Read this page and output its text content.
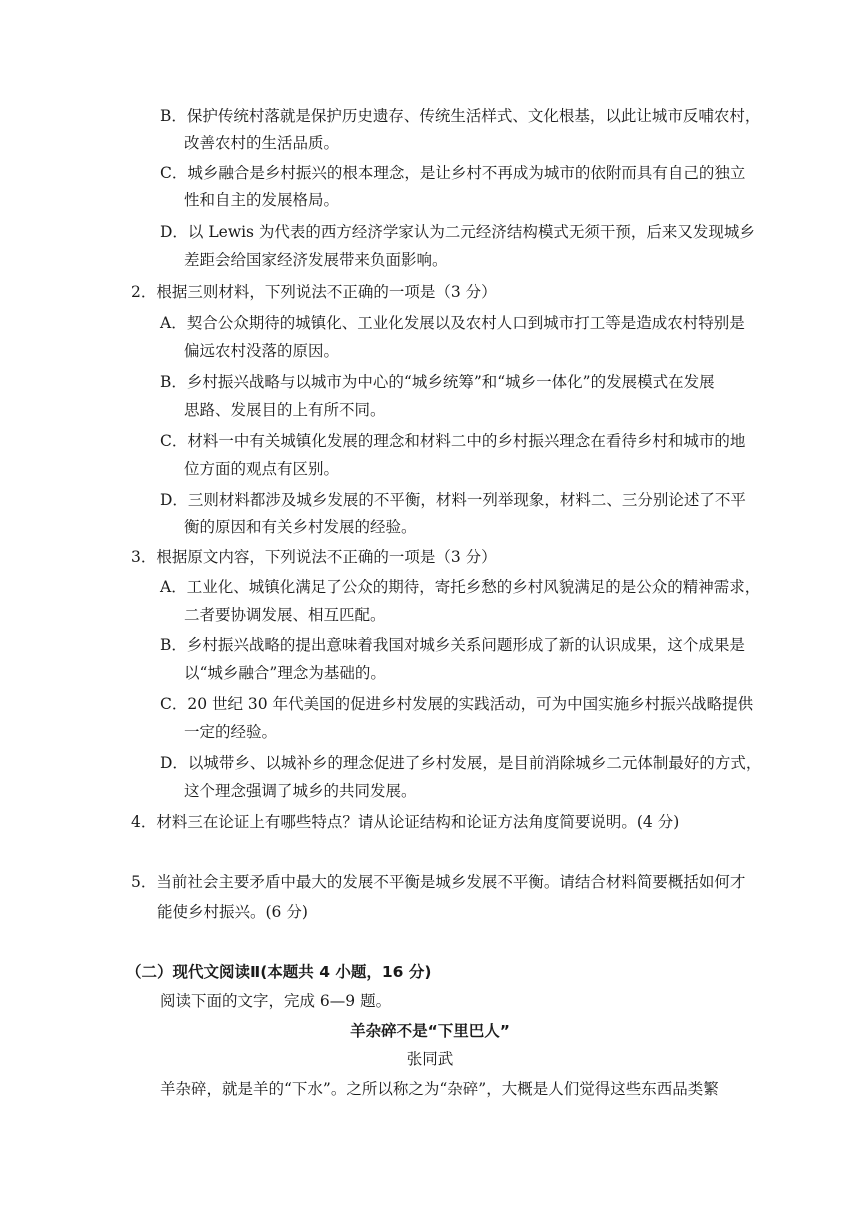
B．保护传统村落就是保护历史遗存、传统生活样式、文化根基，以此让城市反哺农村，
改善农村的生活品质。
C．城乡融合是乡村振兴的根本理念，是让乡村不再成为城市的依附而具有自己的独立
性和自主的发展格局。
D．以 Lewis 为代表的西方经济学家认为二元经济结构模式无须干预，后来又发现城乡
差距会给国家经济发展带来负面影响。
2．根据三则材料，下列说法不正确的一项是（3 分）
A．契合公众期待的城镇化、工业化发展以及农村人口到城市打工等是造成农村特别是
偏远农村没落的原因。
B．乡村振兴战略与以城市为中心的“城乡统筹”和“城乡一体化”的发展模式在发展
思路、发展目的上有所不同。
C．材料一中有关城镇化发展的理念和材料二中的乡村振兴理念在看待乡村和城市的地
位方面的观点有区别。
D．三则材料都涉及城乡发展的不平衡，材料一列举现象，材料二、三分别论述了不平
衡的原因和有关乡村发展的经验。
3．根据原文内容，下列说法不正确的一项是（3 分）
A．工业化、城镇化满足了公众的期待，寄托乡愁的乡村风貌满足的是公众的精神需求，
二者要协调发展、相互匹配。
B．乡村振兴战略的提出意味着我国对城乡关系问题形成了新的认识成果，这个成果是
以“城乡融合”理念为基础的。
C．20 世纪 30 年代美国的促进乡村发展的实践活动，可为中国实施乡村振兴战略提供
一定的经验。
D．以城带乡、以城补乡的理念促进了乡村发展，是目前消除城乡二元体制最好的方式，
这个理念强调了城乡的共同发展。
4．材料三在论证上有哪些特点？请从论证结构和论证方法角度简要说明。(4 分)
5．当前社会主要矛盾中最大的发展不平衡是城乡发展不平衡。请结合材料简要概括如何才
能使乡村振兴。(6 分)
（二）现代文阅读Ⅱ(本题共 4 小题，16 分)
阅读下面的文字，完成 6—9 题。
羊杂碎不是“下里巴人”
张同武
羊杂碎，就是羊的“下水”。之所以称之为“杂碎”，大概是人们觉得这些东西品类繁
